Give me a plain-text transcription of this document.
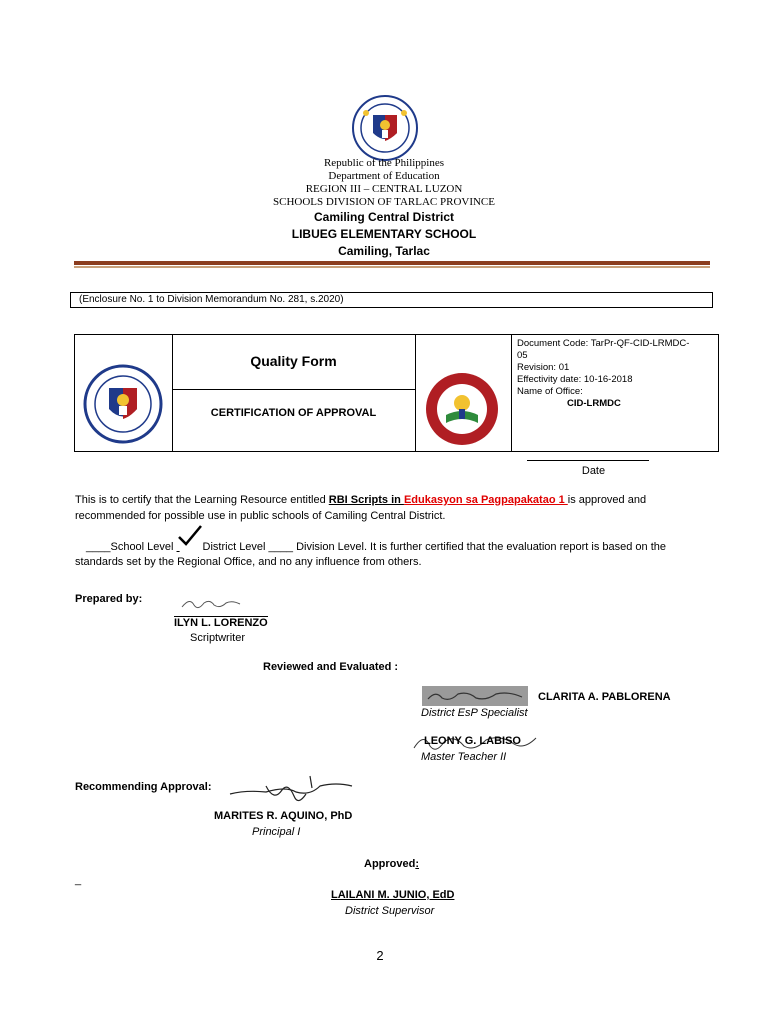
Republic of the Philippines
Department of Education
REGION III – CENTRAL LUZON
SCHOOLS DIVISION OF TARLAC PROVINCE
Camiling Central District
LIBUEG ELEMENTARY SCHOOL
Camiling, Tarlac
(Enclosure No. 1 to Division Memorandum No. 281, s.2020)
Quality Form
CERTIFICATION OF APPROVAL
Document Code: TarPr-QF-CID-LRMDC-
05
Revision: 01
Effectivity date: 10-16-2018
Name of Office:
CID-LRMDC
Date
This is to certify that the Learning Resource entitled RBI Scripts in Edukasyon sa Pagpapakatao 1 is approved and
recommended for possible use in public schools of Camiling Central District.
____School Level
District Level ____ Division Level. It is further certified that the evaluation report is based on the
standards set by the Regional Office, and no any influence from others.
Prepared by:
ILYN L. LORENZO
Scriptwriter
Reviewed and Evaluated :
CLARITA A. PABLORENA
District EsP Specialist
LEONY G. LABISO
Master Teacher II
Recommending Approval:
MARITES R. AQUINO, PhD
Principal I
Approved:
_
LAILANI M. JUNIO, EdD
District Supervisor
2
